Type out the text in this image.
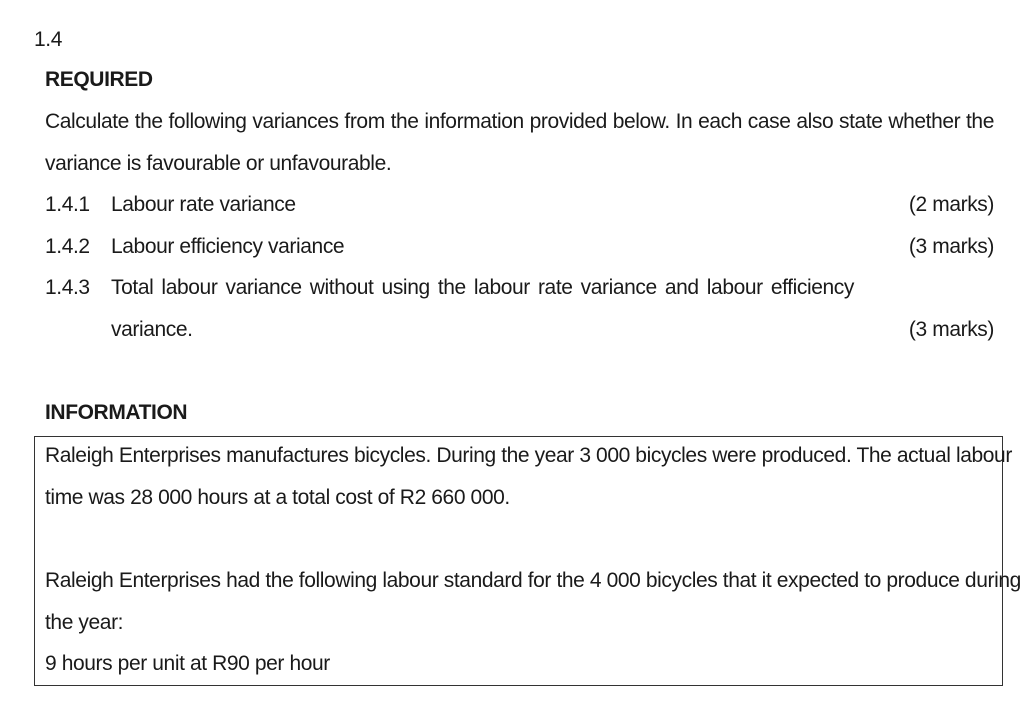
1.4
REQUIRED
Calculate the following variances from the information provided below. In each case also state whether the
variance is favourable or unfavourable.
1.4.1 Labour rate variance	(2 marks)
1.4.2 Labour efficiency variance	(3 marks)
1.4.3 Total labour variance without using the labour rate variance and labour efficiency
variance.	(3 marks)
INFORMATION
Raleigh Enterprises manufactures bicycles. During the year 3 000 bicycles were produced. The actual labour
time was 28 000 hours at a total cost of R2 660 000.
Raleigh Enterprises had the following labour standard for the 4 000 bicycles that it expected to produce during
the year:
9 hours per unit at R90 per hour
